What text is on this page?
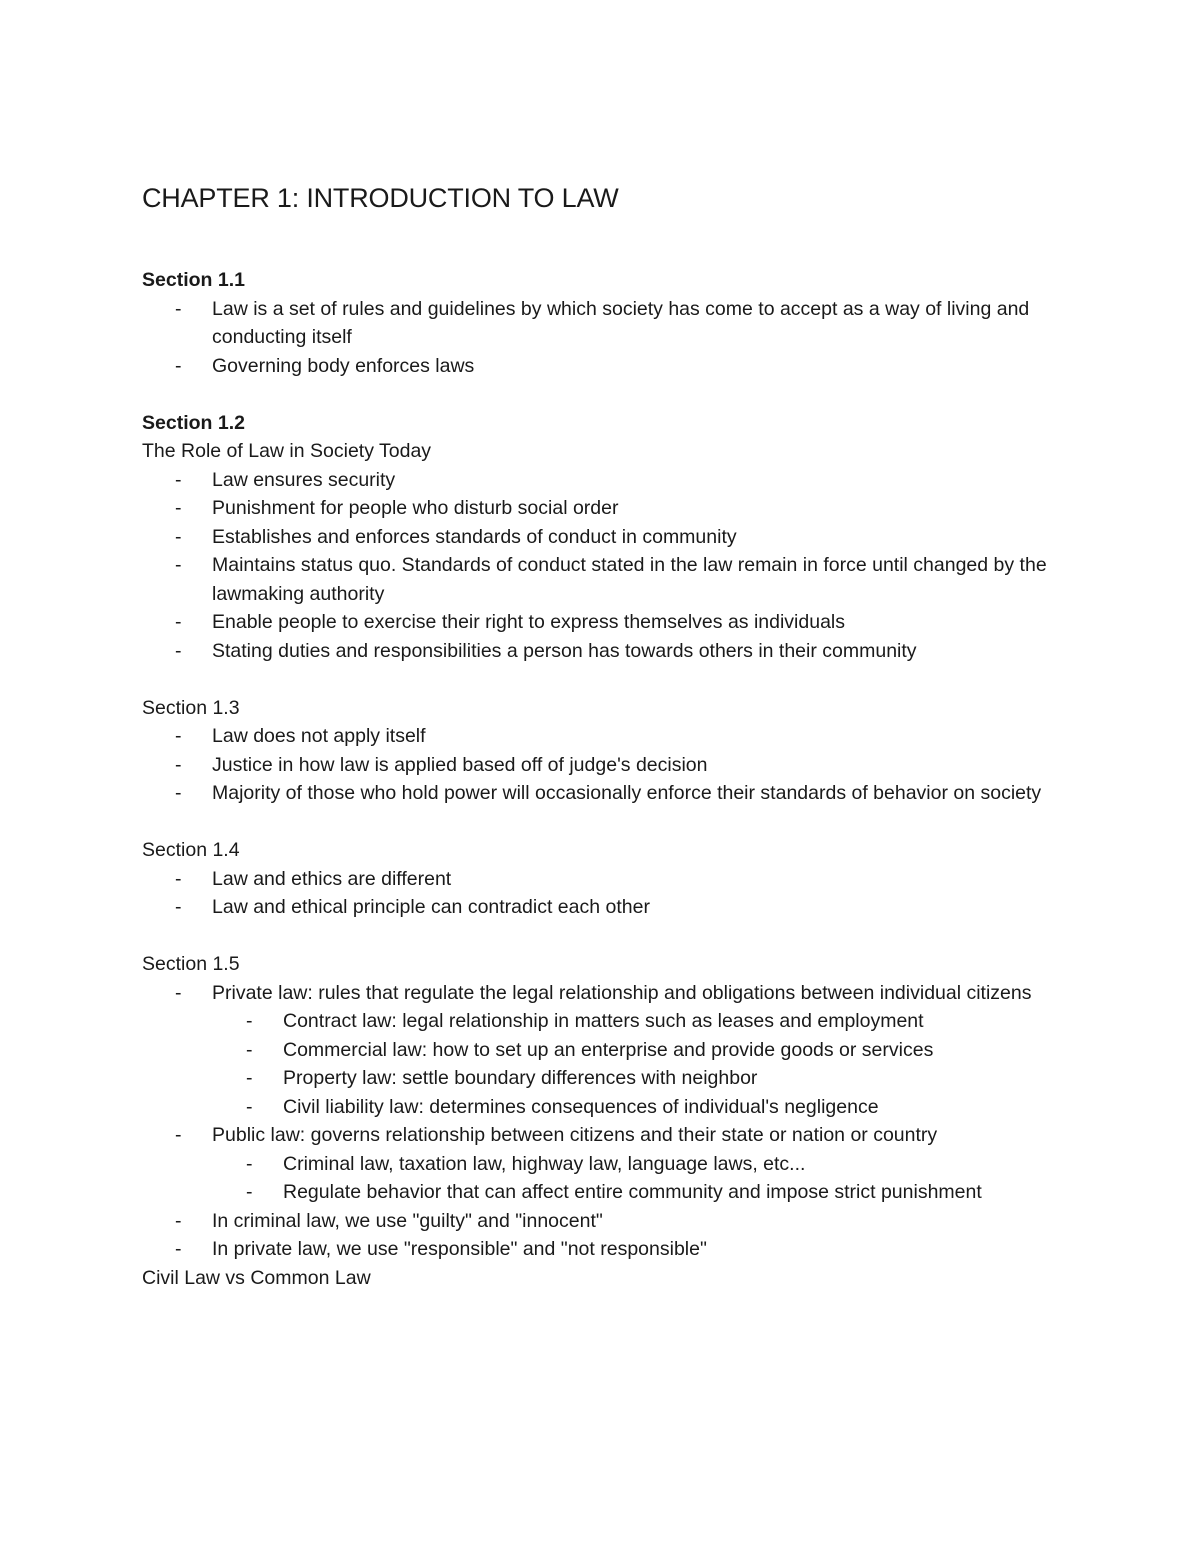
CHAPTER 1: INTRODUCTION TO LAW

Section 1.1

- Law is a set of rules and guidelines by which society has come to accept as a way of living and conducting itself
- Governing body enforces laws

Section 1.2

The Role of Law in Society Today

- Law ensures security
- Punishment for people who disturb social order
- Establishes and enforces standards of conduct in community
- Maintains status quo. Standards of conduct stated in the law remain in force until changed by the lawmaking authority
- Enable people to exercise their right to express themselves as individuals
- Stating duties and responsibilities a person has towards others in their community

Section 1.3

- Law does not apply itself
- Justice in how law is applied based off of judge's decision
- Majority of those who hold power will occasionally enforce their standards of behavior on society

Section 1.4

- Law and ethics are different
- Law and ethical principle can contradict each other

Section 1.5

- Private law: rules that regulate the legal relationship and obligations between individual citizens
- Contract law: legal relationship in matters such as leases and employment
- Commercial law: how to set up an enterprise and provide goods or services
- Property law: settle boundary differences with neighbor
- Civil liability law: determines consequences of individual's negligence
- Public law: governs relationship between citizens and their state or nation or country
- Criminal law, taxation law, highway law, language laws, etc...
- Regulate behavior that can affect entire community and impose strict punishment
- In criminal law, we use "guilty" and "innocent"
- In private law, we use "responsible" and "not responsible"

Civil Law vs Common Law
